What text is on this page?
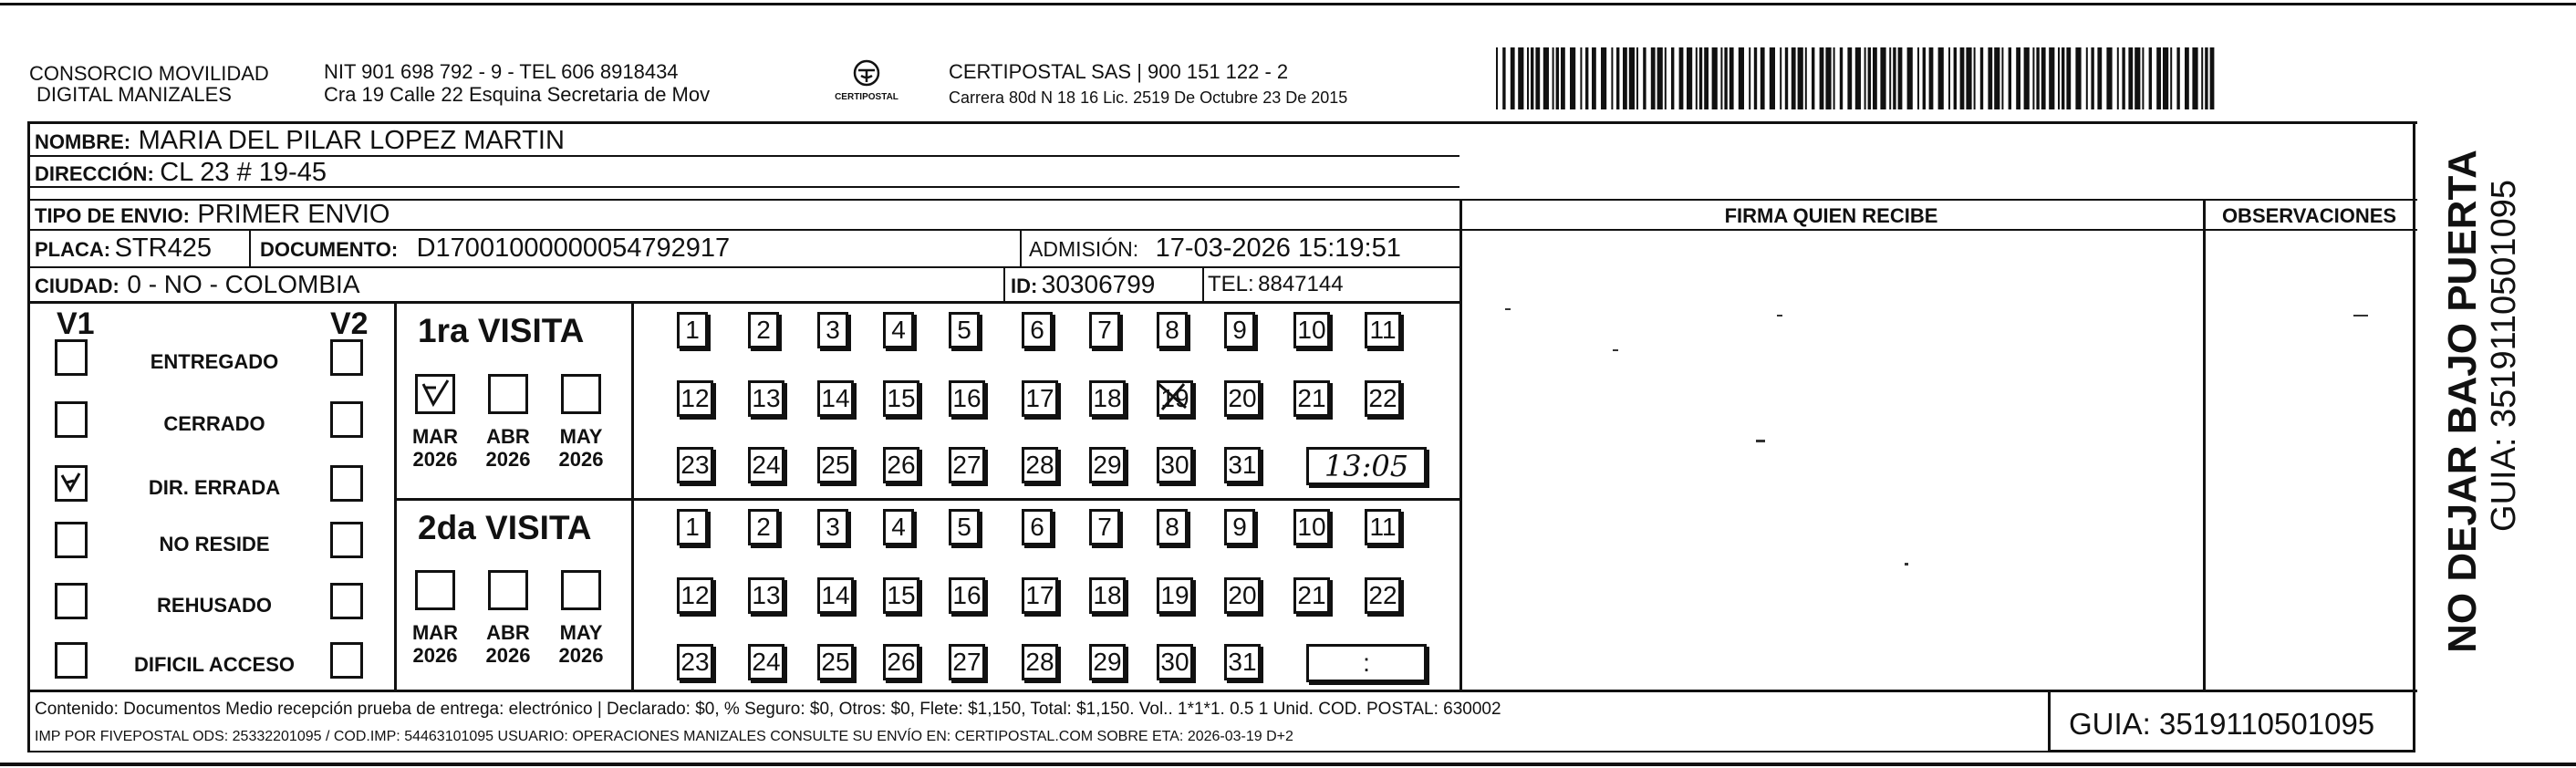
CONSORCIO MOVILIDAD
DIGITAL MANIZALES
NIT 901 698 792 - 9 - TEL 606 8918434
Cra 19 Calle 22 Esquina Secretaria de Mov	CERTIPOSTAL
CERTIPOSTAL SAS | 900 151 122 - 2
Carrera 80d N 18 16 Lic. 2519 De Octubre 23 De 2015
NOMBRE: MARIA DEL PILAR LOPEZ MARTIN
DIRECCIÓN: CL 23 # 19-45
TIPO DE ENVIO: PRIMER ENVIO	FIRMA QUIEN RECIBE	OBSERVACIONES
PLACA: STR425 DOCUMENTO: D17001000000054792917	ADMISIÓN: 17-03-2026 15:19:51
CIUDAD: 0 - NO - COLOMBIA	ID: 30306799 TEL: 8847144
V1	V2
ENTREGADO
CERRADO
DIR. ERRADA
NO RESIDE
REHUSADO
DIFICIL ACCESO
1ra VISITA
2da VISITA
MAR
2026
ABR
2026
MAY
2026
1	2	3	4	5	6	7	8	9	10 11
12 13 14 15 16 17 18 19 20 21 22
23 24 25 26 27 28 29 30 31	13:05
MAR
2026
ABR
2026
MAY
2026
1	2	3	4	5	6	7	8	9	10 11
12 13 14 15 16 17 18 19 20 21 22
23 24 25 26 27 28 29 30 31	:
NO DEJAR BAJO PUERTA GUIA: 3519110501095
Contenido: Documentos Medio recepción prueba de entrega: electrónico | Declarado: $0, % Seguro: $0, Otros: $0, Flete: $1,150, Total: $1,150. Vol.. 1*1*1. 0.5 1 Unid. COD. POSTAL: 630002
IMP POR FIVEPOSTAL ODS: 25332201095 / COD.IMP: 54463101095 USUARIO: OPERACIONES MANIZALES CONSULTE SU ENVÍO EN: CERTIPOSTAL.COM SOBRE ETA: 2026-03-19 D+2	GUIA: 3519110501095
